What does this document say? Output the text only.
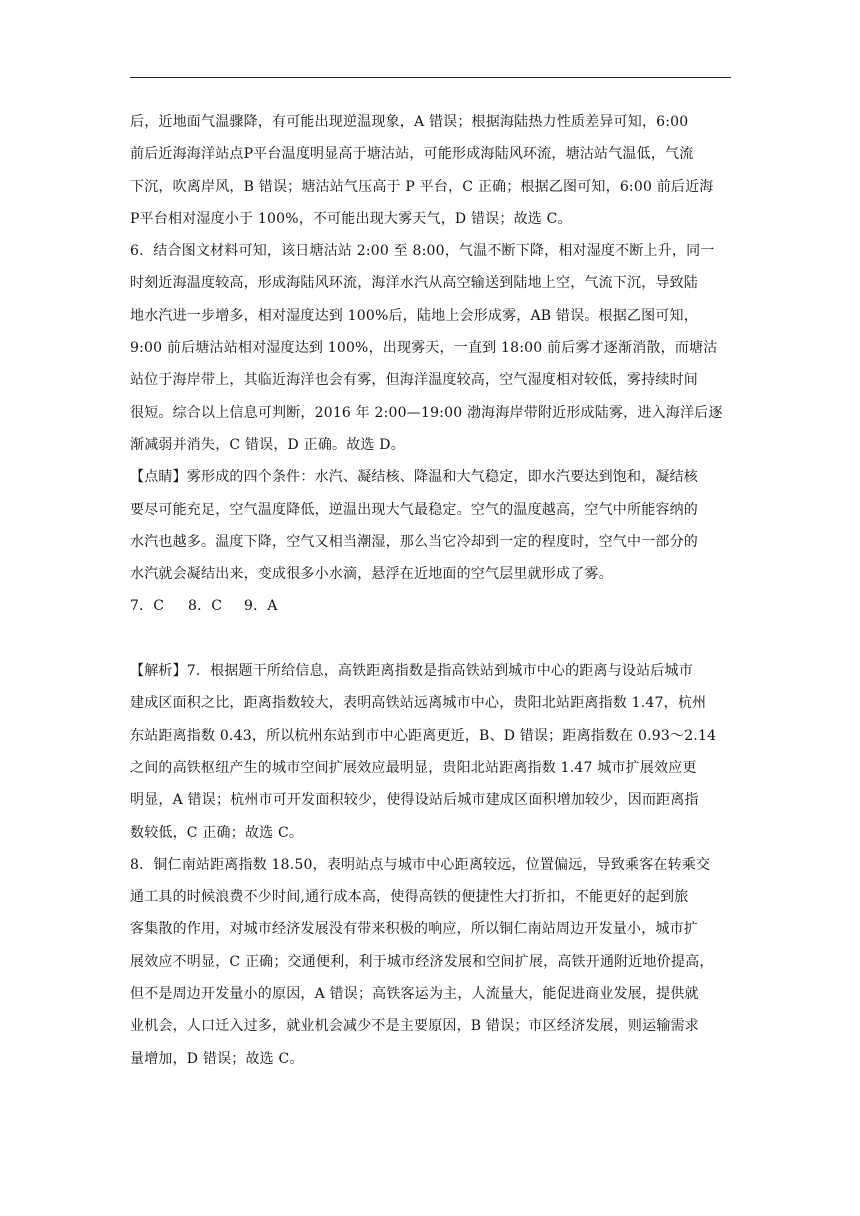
后，近地面气温骤降，有可能出现逆温现象，A 错误；根据海陆热力性质差异可知，6:00
前后近海海洋站点P平台温度明显高于塘沽站，可能形成海陆风环流，塘沽站气温低，气流
下沉，吹离岸风，B 错误；塘沽站气压高于 P 平台，C 正确；根据乙图可知，6:00 前后近海
P平台相对湿度小于 100%，不可能出现大雾天气，D 错误；故选 C。
6．结合图文材料可知，该日塘沽站 2:00 至 8:00，气温不断下降，相对湿度不断上升，同一
时刻近海温度较高，形成海陆风环流，海洋水汽从高空输送到陆地上空，气流下沉，导致陆
地水汽进一步增多，相对湿度达到 100%后，陆地上会形成雾，AB 错误。根据乙图可知，
9:00 前后塘沽站相对湿度达到 100%，出现雾天，一直到 18:00 前后雾才逐渐消散，而塘沽
站位于海岸带上，其临近海洋也会有雾，但海洋温度较高，空气湿度相对较低，雾持续时间
很短。综合以上信息可判断，2016 年 2:00—19:00 渤海海岸带附近形成陆雾，进入海洋后逐
渐减弱并消失，C 错误，D 正确。故选 D。
【点睛】雾形成的四个条件：水汽、凝结核、降温和大气稳定，即水汽要达到饱和，凝结核
要尽可能充足，空气温度降低，逆温出现大气最稳定。空气的温度越高，空气中所能容纳的
水汽也越多。温度下降，空气又相当潮湿，那么当它冷却到一定的程度时，空气中一部分的
水汽就会凝结出来，变成很多小水滴，悬浮在近地面的空气层里就形成了雾。
7．C 8．C 9．A
【解析】7．根据题干所给信息，高铁距离指数是指高铁站到城市中心的距离与设站后城市
建成区面积之比，距离指数较大，表明高铁站远离城市中心，贵阳北站距离指数 1.47，杭州
东站距离指数 0.43，所以杭州东站到市中心距离更近，B、D 错误；距离指数在 0.93～2.14
之间的高铁枢纽产生的城市空间扩展效应最明显，贵阳北站距离指数 1.47 城市扩展效应更
明显，A 错误；杭州市可开发面积较少，使得设站后城市建成区面积增加较少，因而距离指
数较低，C 正确；故选 C。
8．铜仁南站距离指数 18.50，表明站点与城市中心距离较远，位置偏远，导致乘客在转乘交
通工具的时候浪费不少时间,通行成本高，使得高铁的便捷性大打折扣，不能更好的起到旅
客集散的作用，对城市经济发展没有带来积极的响应，所以铜仁南站周边开发量小，城市扩
展效应不明显，C 正确；交通便利，利于城市经济发展和空间扩展，高铁开通附近地价提高，
但不是周边开发量小的原因，A 错误；高铁客运为主，人流量大，能促进商业发展，提供就
业机会，人口迁入过多，就业机会减少不是主要原因，B 错误；市区经济发展，则运输需求
量增加，D 错误；故选 C。
